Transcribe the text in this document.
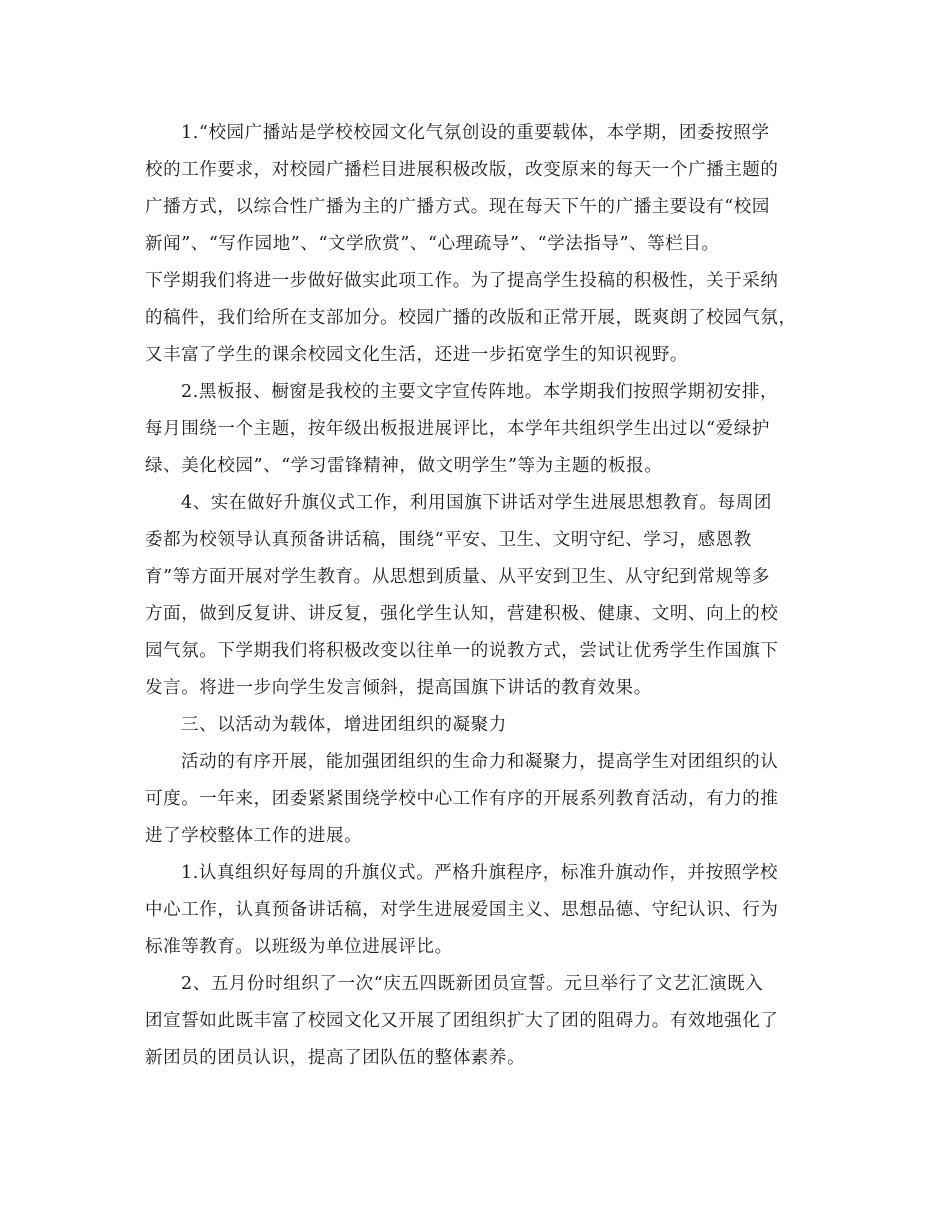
1.“校园广播站是学校校园文化气氛创设的重要载体，本学期，团委按照学
校的工作要求，对校园广播栏目进展积极改版，改变原来的每天一个广播主题的
广播方式，以综合性广播为主的广播方式。现在每天下午的广播主要设有“校园
新闻”、“写作园地”、“文学欣赏”、“心理疏导”、“学法指导”、等栏目。
下学期我们将进一步做好做实此项工作。为了提高学生投稿的积极性，关于采纳
的稿件，我们给所在支部加分。校园广播的改版和正常开展，既爽朗了校园气氛，
又丰富了学生的课余校园文化生活，还进一步拓宽学生的知识视野。
2.黑板报、橱窗是我校的主要文字宣传阵地。本学期我们按照学期初安排，
每月围绕一个主题，按年级出板报进展评比，本学年共组织学生出过以“爱绿护
绿、美化校园”、“学习雷锋精神，做文明学生”等为主题的板报。
4、实在做好升旗仪式工作，利用国旗下讲话对学生进展思想教育。每周团
委都为校领导认真预备讲话稿，围绕“平安、卫生、文明守纪、学习，感恩教
育”等方面开展对学生教育。从思想到质量、从平安到卫生、从守纪到常规等多
方面，做到反复讲、讲反复，强化学生认知，营建积极、健康、文明、向上的校
园气氛。下学期我们将积极改变以往单一的说教方式，尝试让优秀学生作国旗下
发言。将进一步向学生发言倾斜，提高国旗下讲话的教育效果。
三、以活动为载体，增进团组织的凝聚力
活动的有序开展，能加强团组织的生命力和凝聚力，提高学生对团组织的认
可度。一年来，团委紧紧围绕学校中心工作有序的开展系列教育活动，有力的推
进了学校整体工作的进展。
1.认真组织好每周的升旗仪式。严格升旗程序，标准升旗动作，并按照学校
中心工作，认真预备讲话稿，对学生进展爱国主义、思想品德、守纪认识、行为
标准等教育。以班级为单位进展评比。
2、五月份时组织了一次“庆五四既新团员宣誓。元旦举行了文艺汇演既入
团宣誓如此既丰富了校园文化又开展了团组织扩大了团的阻碍力。有效地强化了
新团员的团员认识，提高了团队伍的整体素养。
